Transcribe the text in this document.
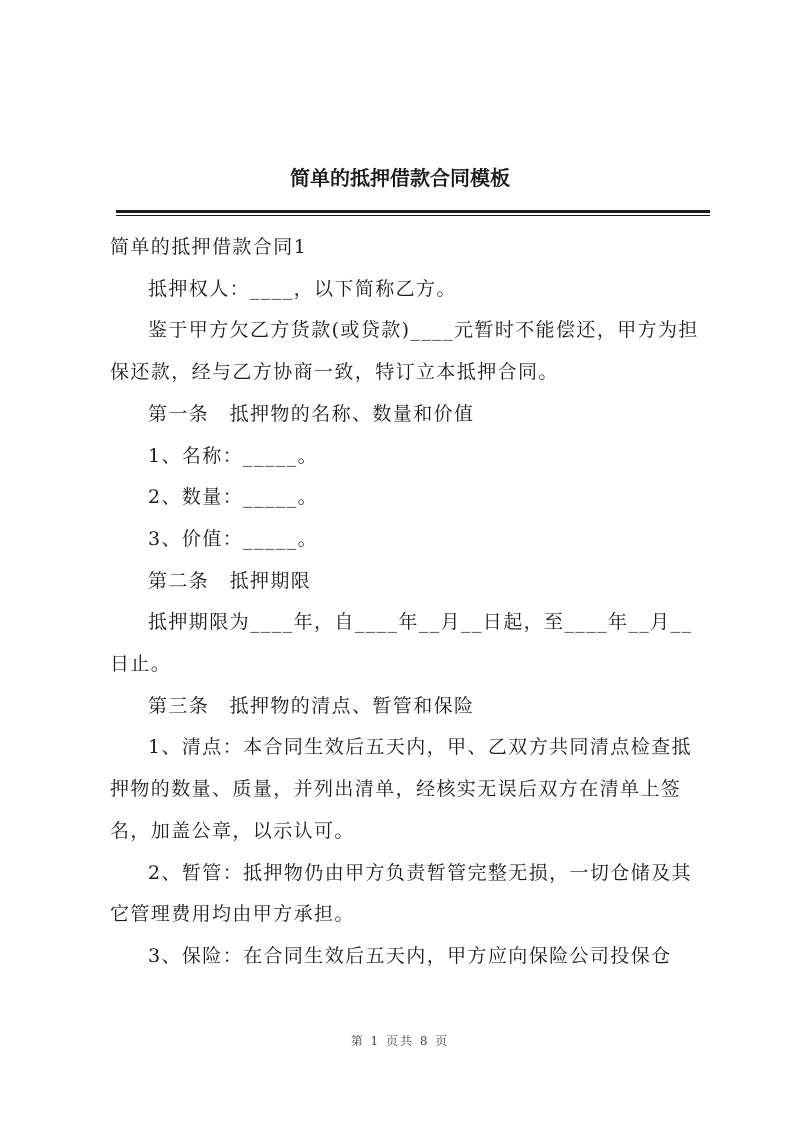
简单的抵押借款合同模板

简单的抵押借款合同1

抵押权人：____，以下简称乙方。

鉴于甲方欠乙方货款(或贷款)____元暂时不能偿还，甲方为担保还款，经与乙方协商一致，特订立本抵押合同。

第一条　抵押物的名称、数量和价值

1、名称：_____。

2、数量：_____。

3、价值：_____。

第二条　抵押期限

抵押期限为____年，自____年__月__日起，至____年__月__日止。

第三条　抵押物的清点、暂管和保险

1、清点：本合同生效后五天内，甲、乙双方共同清点检查抵押物的数量、质量，并列出清单，经核实无误后双方在清单上签名，加盖公章，以示认可。

2、暂管：抵押物仍由甲方负责暂管完整无损，一切仓储及其它管理费用均由甲方承担。

3、保险：在合同生效后五天内，甲方应向保险公司投保仓

第 1 页共 8 页
